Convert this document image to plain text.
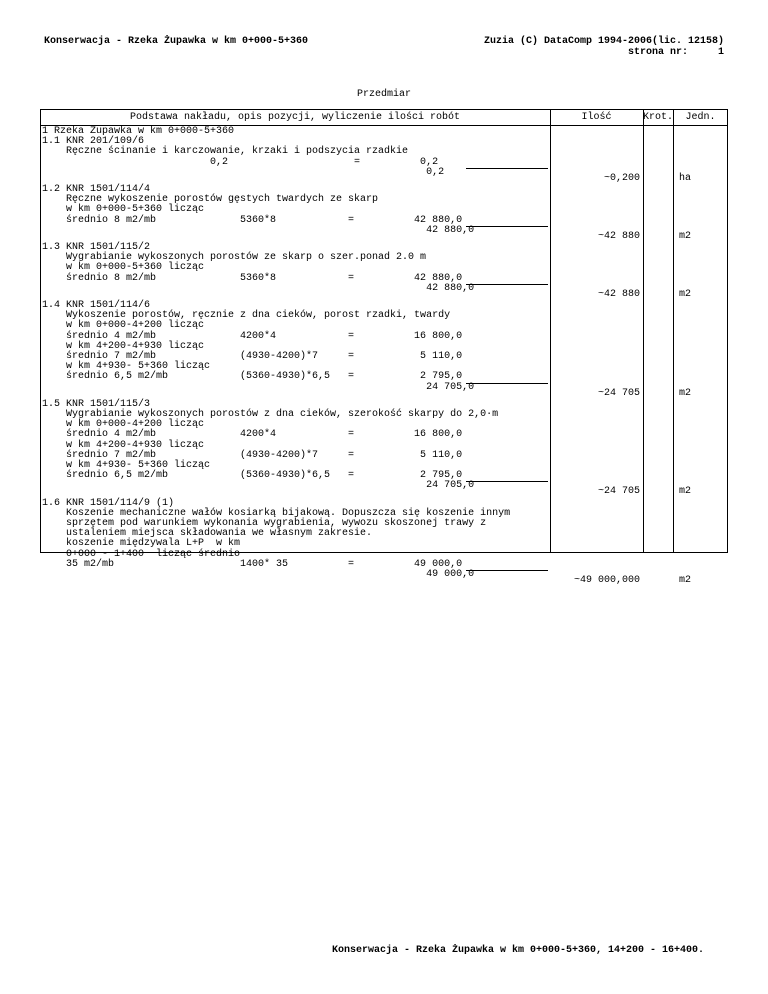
Konserwacja - Rzeka Żupawka w km 0+000-5+360	Zuzia (C) DataComp 1994-2006(lic. 12158)
strona nr:     1
Przedmiar
Podstawa nakładu, opis pozycji, wyliczenie ilości robót	Ilość	Krot.	Jedn.
1 Rzeka Zupawka w km 0+000-5+360
1.1 KNR 201/109/6
Ręczne ścinanie i karczowanie, krzaki i podszycia rzadkie
0,2                     =          0,2
0,2
~0,200	ha
1.2 KNR 1501/114/4
Ręczne wykoszenie porostów gęstych twardych ze skarp
w km 0+000-5+360 licząc
średnio 8 m2/mb              5360*8            =          42 880,0
42 880,0
~42 880	m2
1.3 KNR 1501/115/2
Wygrabianie wykoszonych porostów ze skarp o szer.ponad 2.0 m
w km 0+000-5+360 licząc
średnio 8 m2/mb              5360*8            =          42 880,0
42 880,0
~42 880	m2
1.4 KNR 1501/114/6
Wykoszenie porostów, ręcznie z dna cieków, porost rzadki, twardy
w km 0+000-4+200 licząc
średnio 4 m2/mb              4200*4            =          16 800,0
w km 4+200-4+930 licząc
średnio 7 m2/mb              (4930-4200)*7     =           5 110,0
w km 4+930- 5+360 licząc
średnio 6,5 m2/mb            (5360-4930)*6,5   =           2 795,0
24 705,0
~24 705	m2
1.5 KNR 1501/115/3
Wygrabianie wykoszonych porostów z dna cieków, szerokość skarpy do 2,0·m
w km 0+000-4+200 licząc
średnio 4 m2/mb              4200*4            =          16 800,0
w km 4+200-4+930 licząc
średnio 7 m2/mb              (4930-4200)*7     =           5 110,0
w km 4+930- 5+360 licząc
średnio 6,5 m2/mb            (5360-4930)*6,5   =           2 795,0
24 705,0
~24 705	m2
1.6 KNR 1501/114/9 (1)
Koszenie mechaniczne wałów kosiarką bijakową. Dopuszcza się koszenie innym
sprzętem pod warunkiem wykonania wygrabienia, wywozu skoszonej trawy z
ustaleniem miejsca składowania we własnym zakresie.
koszenie międzywala L+P  w km
0+000 - 1+400  licząc średnio
35 m2/mb                     1400* 35          =          49 000,0
49 000,0
~49 000,000	m2
Konserwacja - Rzeka Żupawka w km 0+000-5+360, 14+200 - 16+400.
